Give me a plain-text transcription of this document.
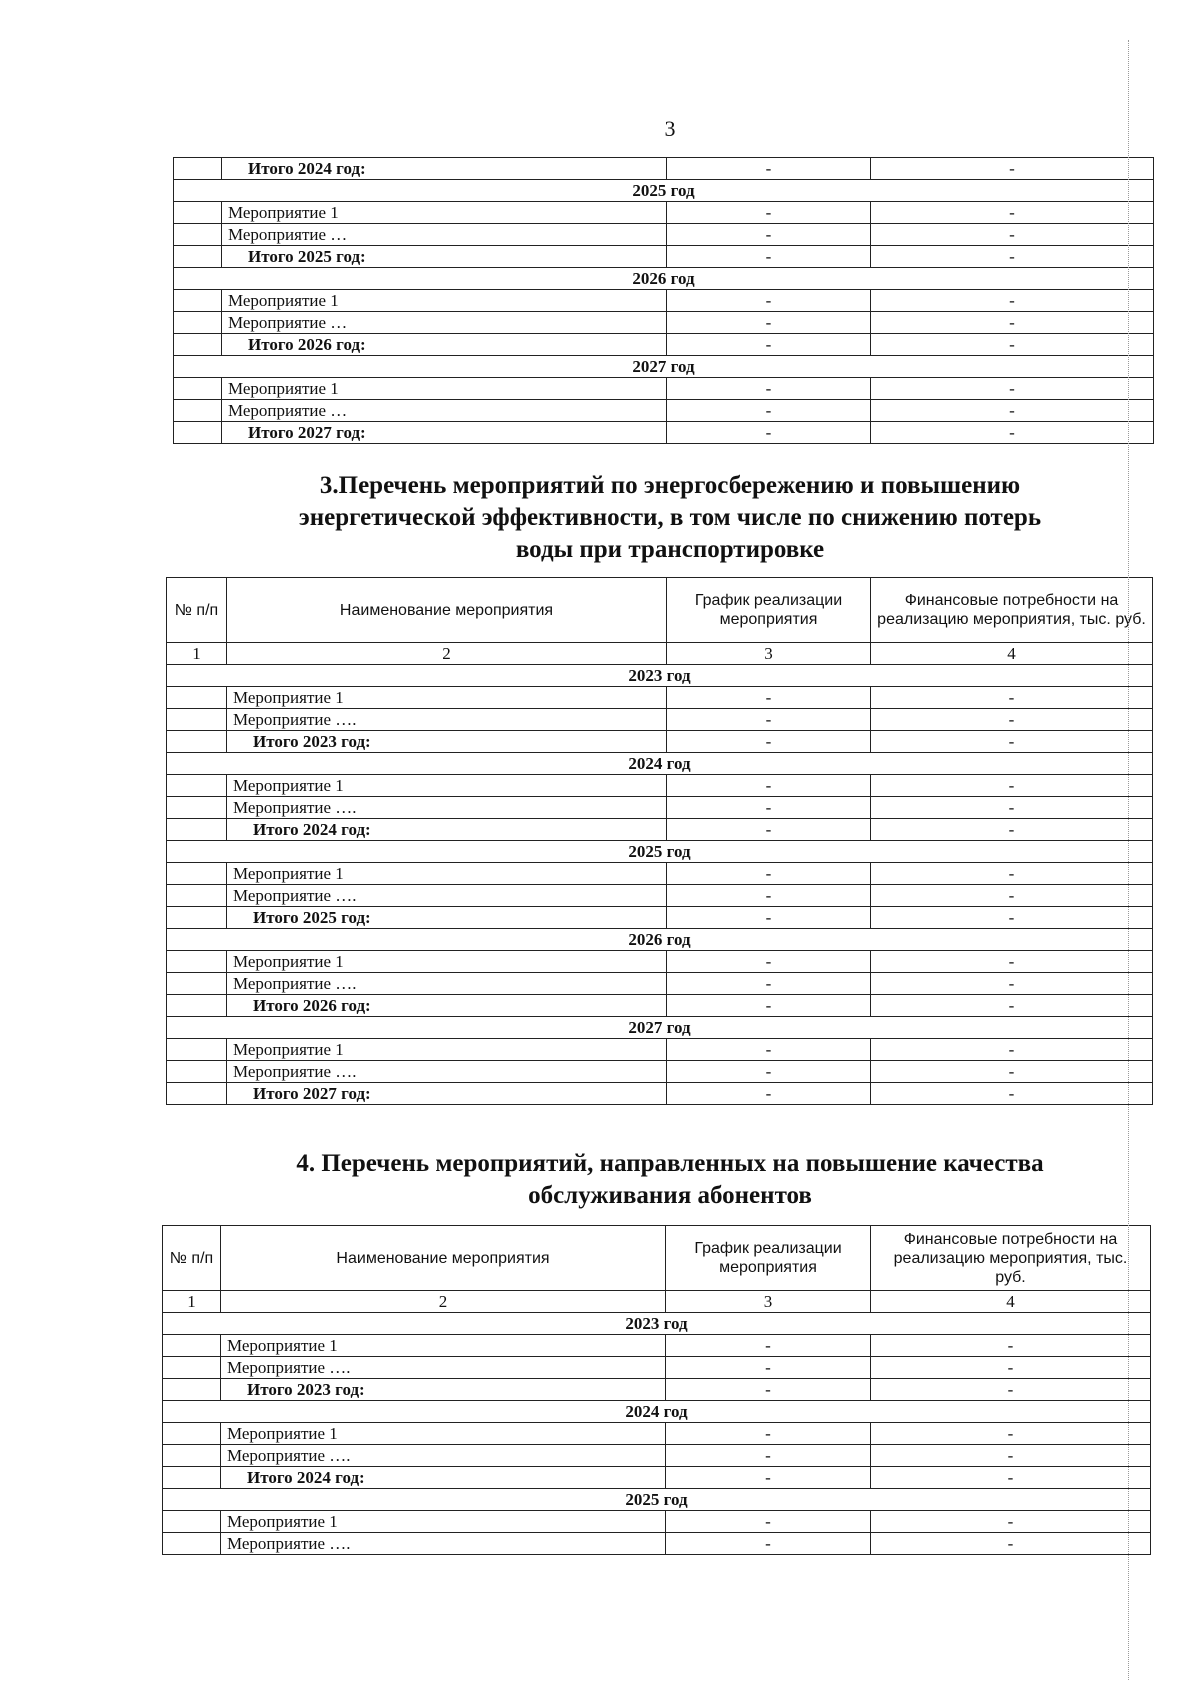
3
	Итого 2024 год:	-	-
2025 год			
	Мероприятие 1	-	-
	Мероприятие …	-	-
	Итого 2025 год:	-	-
2026 год			
	Мероприятие 1	-	-
	Мероприятие …	-	-
	Итого 2026 год:	-	-
2027 год			
	Мероприятие 1	-	-
	Мероприятие …	-	-
	Итого 2027 год:	-	-
3.Перечень мероприятий по энергосбережению и повышению
энергетической эффективности, в том числе по снижению потерь
воды при транспортировке
№ п/п	Наименование мероприятия	График реализации мероприятия	Финансовые потребности на реализацию мероприятия, тыс. руб.
1	2	3	4
2023 год			
	Мероприятие 1	-	-
	Мероприятие ….	-	-
	Итого 2023 год:	-	-
2024 год			
	Мероприятие 1	-	-
	Мероприятие ….	-	-
	Итого 2024 год:	-	-
2025 год			
	Мероприятие 1	-	-
	Мероприятие ….	-	-
	Итого 2025 год:	-	-
2026 год			
	Мероприятие 1	-	-
	Мероприятие ….	-	-
	Итого 2026 год:	-	-
2027 год			
	Мероприятие 1	-	-
	Мероприятие ….	-	-
	Итого 2027 год:	-	-
4. Перечень мероприятий, направленных на повышение качества
обслуживания абонентов
№ п/п	Наименование мероприятия	График реализации мероприятия	Финансовые потребности на реализацию мероприятия, тыс. руб.
1	2	3	4
2023 год			
	Мероприятие 1	-	-
	Мероприятие ….	-	-
	Итого 2023 год:	-	-
2024 год			
	Мероприятие 1	-	-
	Мероприятие ….	-	-
	Итого 2024 год:	-	-
2025 год			
	Мероприятие 1	-	-
	Мероприятие ….	-	-
